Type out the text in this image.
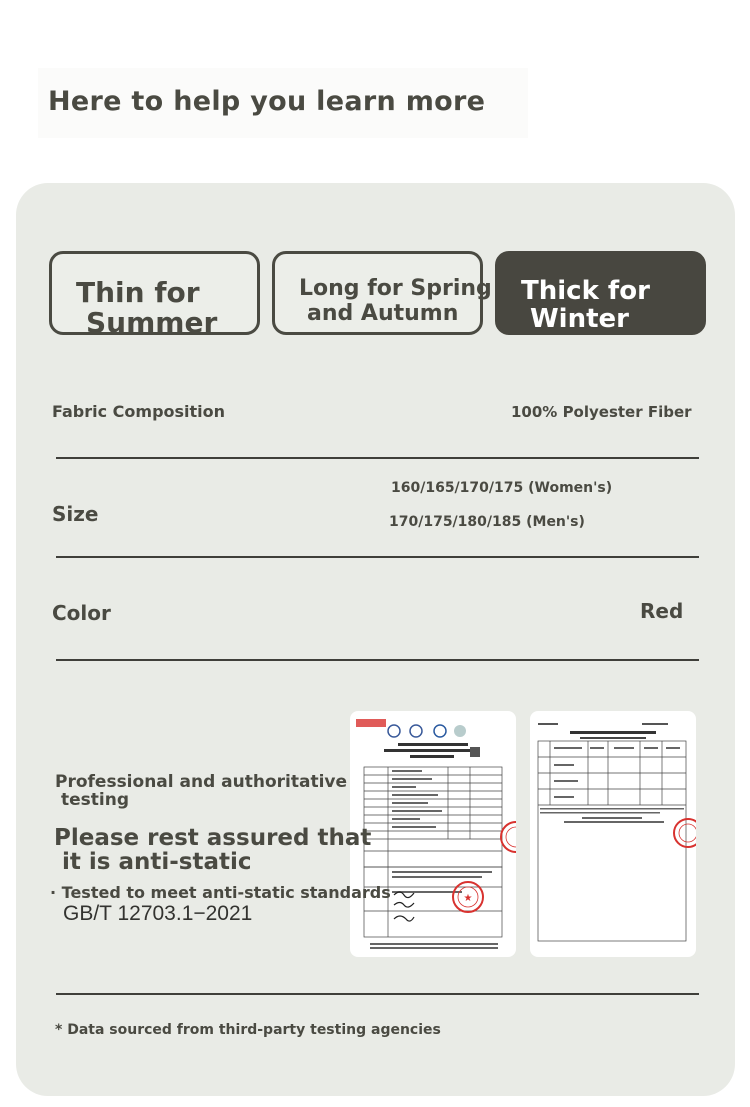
Here to help you learn more
Thin for
Summer
Long for Spring
and Autumn
Thick for
Winter
Fabric Composition	100% Polyester Fiber
Size
160/165/170/175 (Women's)
170/175/180/185 (Men's)
Color	Red
★
Professional and authoritative
testing
Please rest assured that
it is anti-static
· Tested to meet anti-static standards
GB/T 12703.1−2021
* Data sourced from third-party testing agencies
